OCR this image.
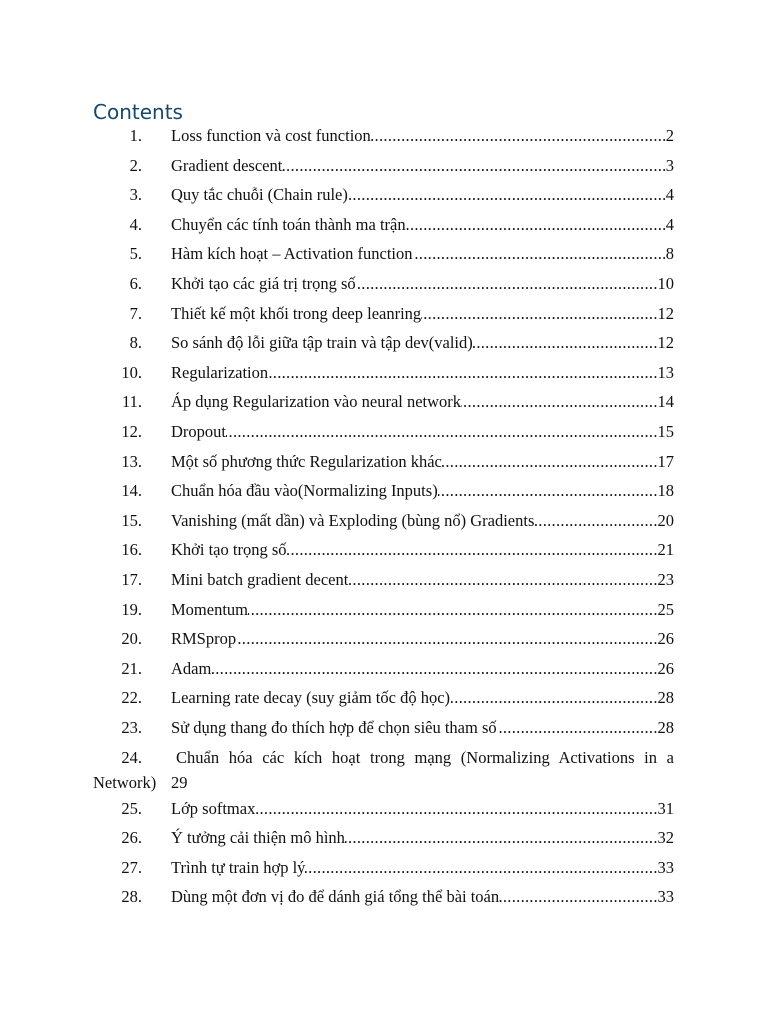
Contents
1. Loss function và cost function	2
.....
2. Gradient descent	3
.....
3. Quy tắc chuỗi (Chain rule)	4
.....
4. Chuyển các tính toán thành ma trận	4
.....
5. Hàm kích hoạt – Activation function	8
.....
6. Khởi tạo các giá trị trọng số	10
.....
7. Thiết kế một khối trong deep leanring	12
.....
8. So sánh độ lỗi giữa tập train và tập dev(valid)	12
.....
10. Regularization	13
.....
11. Áp dụng Regularization vào neural network	14
.....
12. Dropout	15
.....
13. Một số phương thức Regularization khác	17
.....
14. Chuẩn hóa đầu vào(Normalizing Inputs)	18
.....
15. Vanishing (mất dần) và Exploding (bùng nổ) Gradients	20
.....
16. Khởi tạo trọng số	21
.....
17. Mini batch gradient decent	23
.....
19. Momentum	25
.....
20. RMSprop	26
.....
21. Adam	26
.....
22. Learning rate decay (suy giảm tốc độ học)	28
.....
23. Sử dụng thang đo thích hợp để chọn siêu tham số	28
.....
24. Chuẩn hóa các kích hoạt trong mạng (Normalizing Activations in a
Network) 29
25. Lớp softmax	31
.....
26. Ý tưởng cải thiện mô hình	32
.....
27. Trình tự train hợp lý	33
.....
28. Dùng một đơn vị đo để dánh giá tổng thể bài toán	33
.....
